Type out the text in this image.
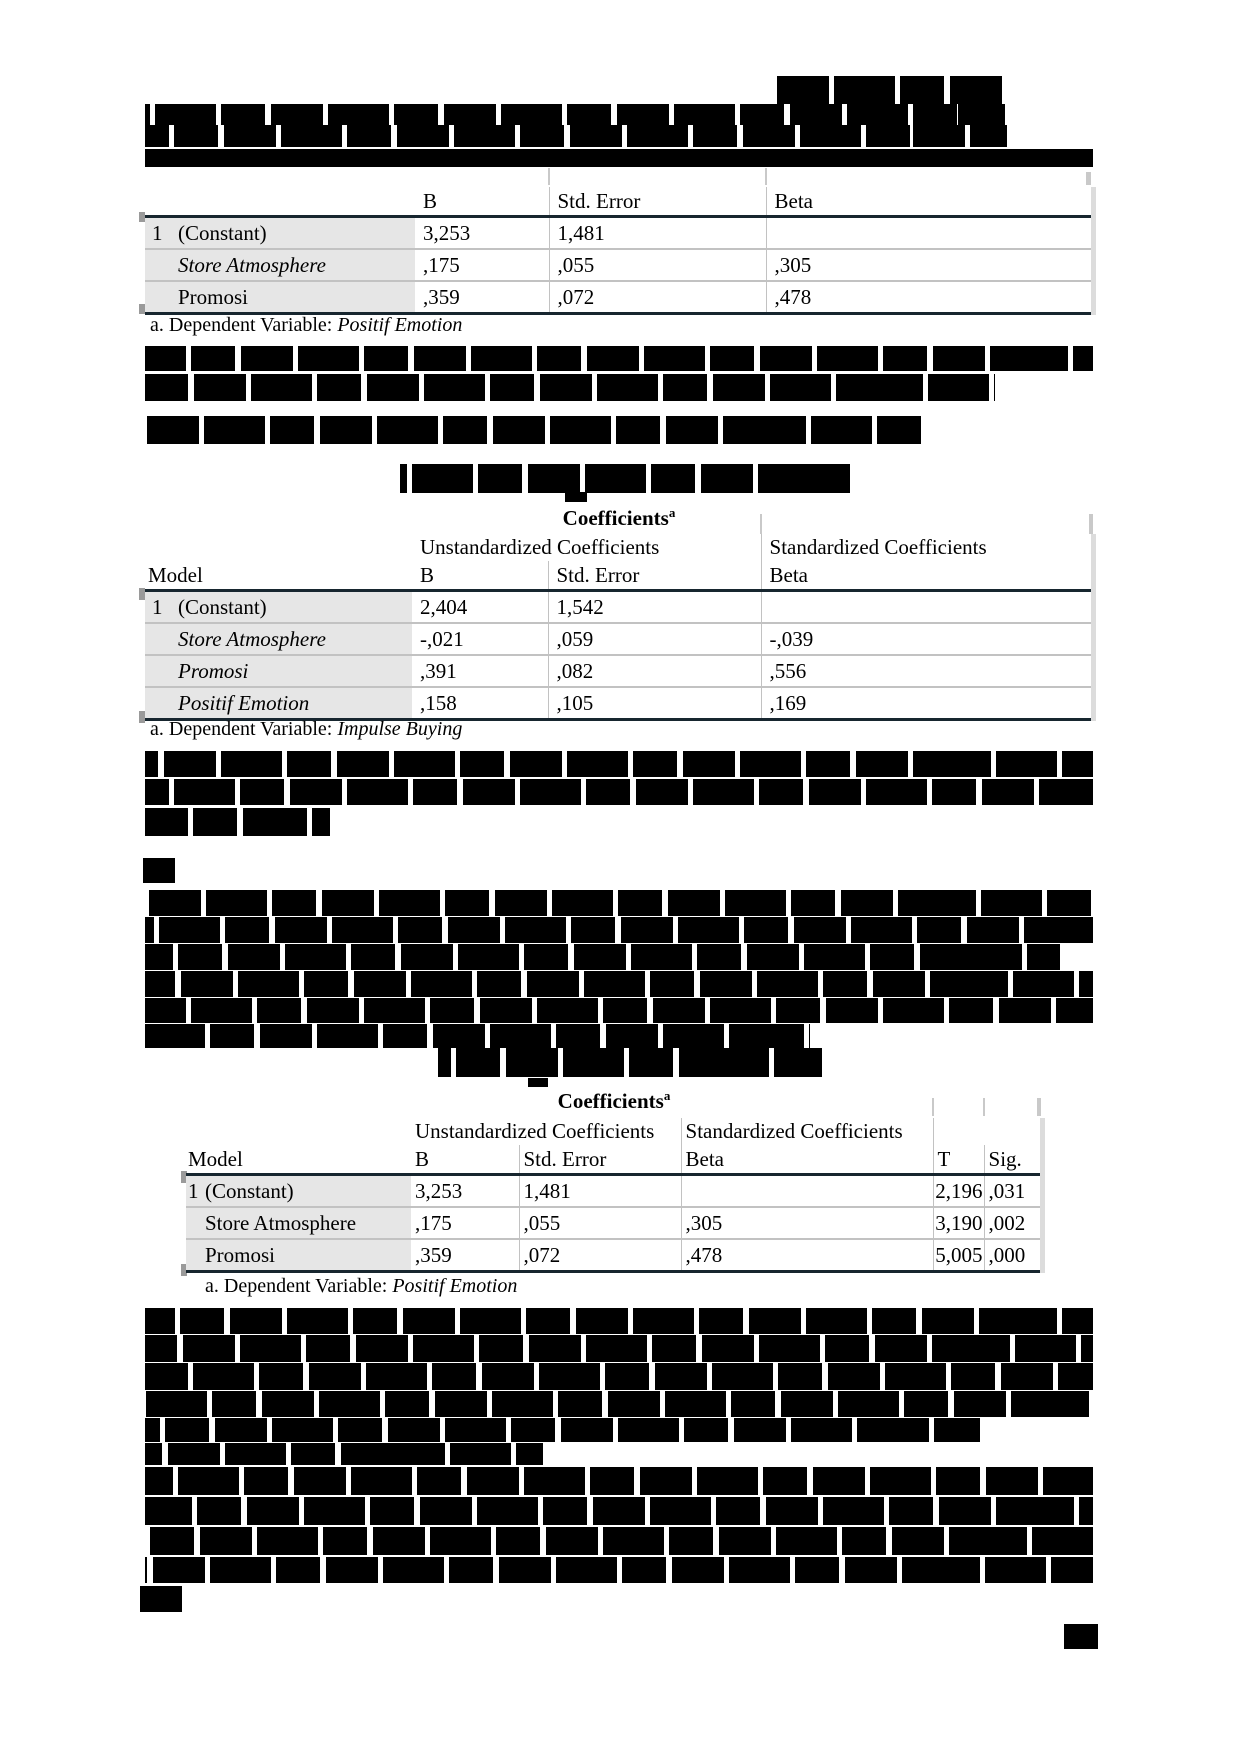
		B	Std. Error	Beta
1	(Constant)	3,253	1,481	
	Store Atmosphere	,175	,055	,305
	Promosi	,359	,072	,478
a. Dependent Variable: Positif Emotion
Coefficients$^a$
		Unstandardized Coefficients		Standardized Coefficients
Model		B	Std. Error	Beta
1	(Constant)	2,404	1,542	
	Store Atmosphere	-,021	,059	-,039
	Promosi	,391	,082	,556
	Positif Emotion	,158	,105	,169
a. Dependent Variable: Impulse Buying
Coefficients$^a$
		Unstandardized Coefficients		Standardized Coefficients		
Model		B	Std. Error	Beta	T	Sig.
1	(Constant)	3,253	1,481		2,196	,031
	Store Atmosphere	,175	,055	,305	3,190	,002
	Promosi	,359	,072	,478	5,005	,000
a. Dependent Variable: Positif Emotion
